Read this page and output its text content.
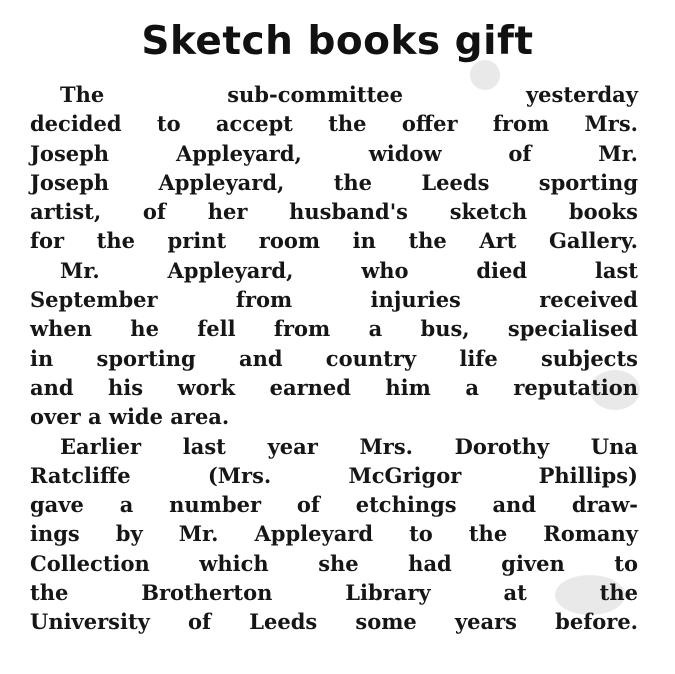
Sketch books gift
The sub-committee yesterday
decided to accept the offer from Mrs.
Joseph Appleyard, widow of Mr.
Joseph Appleyard, the Leeds sporting
artist, of her husband's sketch books
for the print room in the Art Gallery.
Mr. Appleyard, who died last
September from injuries received
when he fell from a bus, specialised
in sporting and country life subjects
and his work earned him a reputation
over a wide area.
Earlier last year Mrs. Dorothy Una
Ratcliffe (Mrs. McGrigor Phillips)
gave a number of etchings and draw-
ings by Mr. Appleyard to the Romany
Collection which she had given to
the Brotherton Library at the
University of Leeds some years before.
